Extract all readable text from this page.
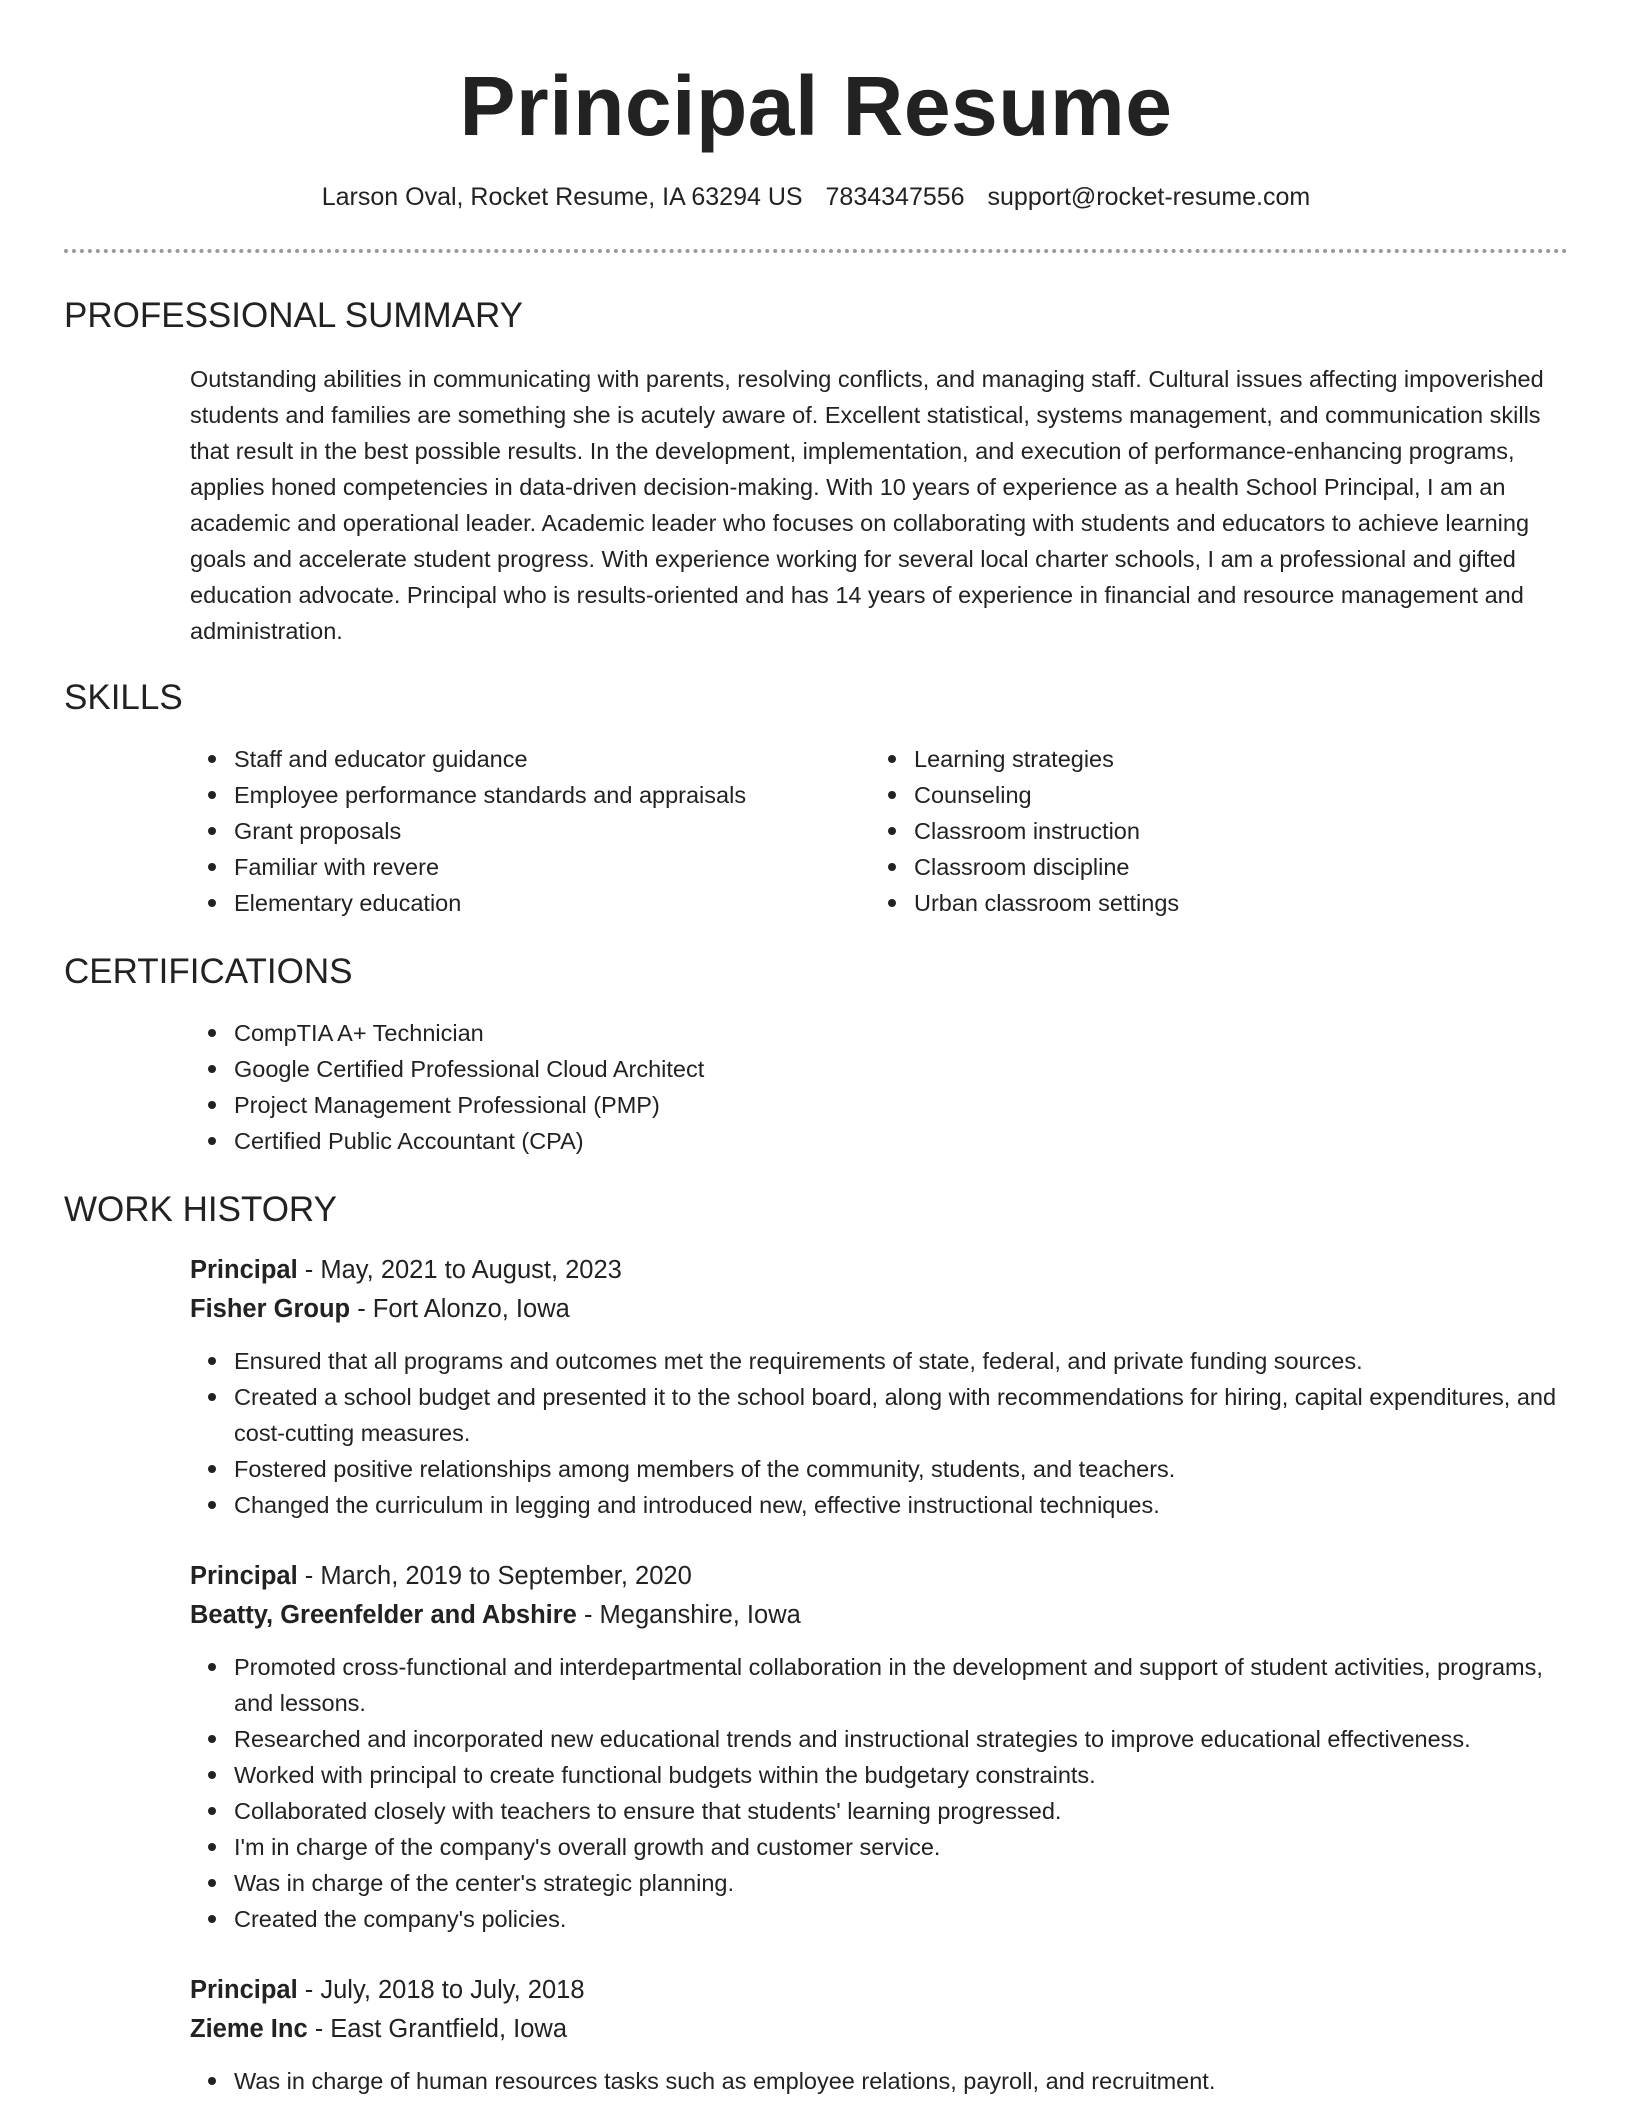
Principal Resume
Larson Oval, Rocket Resume, IA 63294 US 7834347556 support@rocket-resume.com
PROFESSIONAL SUMMARY

Outstanding abilities in communicating with parents, resolving conflicts, and managing staff. Cultural issues affecting impoverished students and families are something she is acutely aware of. Excellent statistical, systems management, and communication skills that result in the best possible results. In the development, implementation, and execution of performance-enhancing programs, applies honed competencies in data-driven decision-making. With 10 years of experience as a health School Principal, I am an academic and operational leader. Academic leader who focuses on collaborating with students and educators to achieve learning goals and accelerate student progress. With experience working for several local charter schools, I am a professional and gifted education advocate. Principal who is results-oriented and has 14 years of experience in financial and resource management and administration.

SKILLS
Staff and educator guidance
Employee performance standards and appraisals
Grant proposals
Familiar with revere
Elementary education
Learning strategies
Counseling
Classroom instruction
Classroom discipline
Urban classroom settings
CERTIFICATIONS
CompTIA A+ Technician
Google Certified Professional Cloud Architect
Project Management Professional (PMP)
Certified Public Accountant (CPA)
WORK HISTORY
Principal - May, 2021 to August, 2023
Fisher Group - Fort Alonzo, Iowa
Ensured that all programs and outcomes met the requirements of state, federal, and private funding sources.
Created a school budget and presented it to the school board, along with recommendations for hiring, capital expenditures, and cost-cutting measures.
Fostered positive relationships among members of the community, students, and teachers.
Changed the curriculum in legging and introduced new, effective instructional techniques.
Principal - March, 2019 to September, 2020
Beatty, Greenfelder and Abshire - Meganshire, Iowa
Promoted cross-functional and interdepartmental collaboration in the development and support of student activities, programs, and lessons.
Researched and incorporated new educational trends and instructional strategies to improve educational effectiveness.
Worked with principal to create functional budgets within the budgetary constraints.
Collaborated closely with teachers to ensure that students' learning progressed.
I'm in charge of the company's overall growth and customer service.
Was in charge of the center's strategic planning.
Created the company's policies.
Principal - July, 2018 to July, 2018
Zieme Inc - East Grantfield, Iowa
Was in charge of human resources tasks such as employee relations, payroll, and recruitment.
